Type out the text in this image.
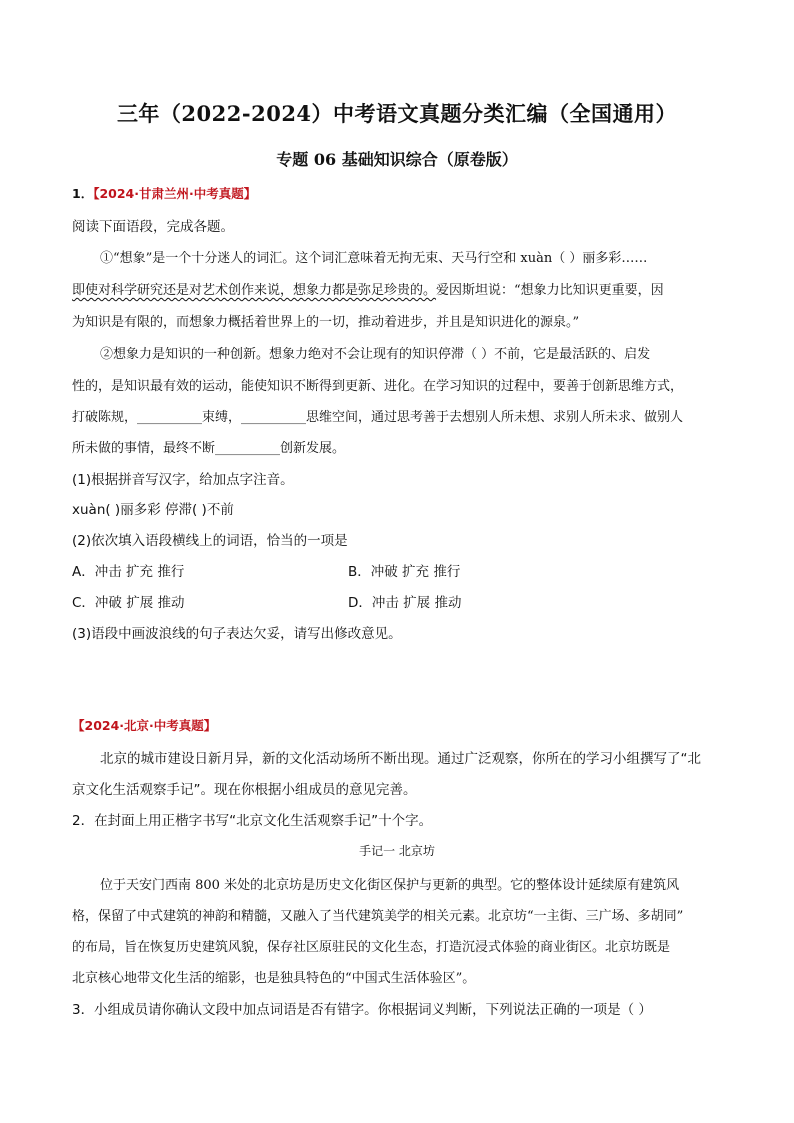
三年（2022-2024）中考语文真题分类汇编（全国通用）
专题 06 基础知识综合（原卷版）
1．【2024·甘肃兰州·中考真题】
阅读下面语段，完成各题。
①“想象”是一个十分迷人的词汇。这个词汇意味着无拘无束、天马行空和 xuàn（ ）丽多彩……
即使对科学研究还是对艺术创作来说，想象力都是弥足珍贵的。爱因斯坦说：“想象力比知识更重要，因
为知识是有限的，而想象力概括着世界上的一切，推动着进步，并且是知识进化的源泉。”
②想象力是知识的一种创新。想象力绝对不会让现有的知识停滞（ ）不前，它是最活跃的、启发
性的，是知识最有效的运动，能使知识不断得到更新、进化。在学习知识的过程中，要善于创新思维方式，
打破陈规，__________束缚，__________思维空间，通过思考善于去想别人所未想、求别人所未求、做别人
所未做的事情，最终不断__________创新发展。
(1)根据拼音写汉字，给加点字注音。
xuàn( )丽多彩 停滞( )不前
(2)依次填入语段横线上的词语，恰当的一项是
A．冲击 扩充 推行	B．冲破 扩充 推行
C．冲破 扩展 推动	D．冲击 扩展 推动
(3)语段中画波浪线的句子表达欠妥，请写出修改意见。
【2024·北京·中考真题】
北京的城市建设日新月异，新的文化活动场所不断出现。通过广泛观察，你所在的学习小组撰写了“北
京文化生活观察手记”。现在你根据小组成员的意见完善。
2．在封面上用正楷字书写“北京文化生活观察手记”十个字。
手记一 北京坊
位于天安门西南 800 米处的北京坊是历史文化街区保护与更新的典型。它的整体设计延续原有建筑风
格，保留了中式建筑的神韵和精髓，又融入了当代建筑美学的相关元素。北京坊“一主街、三广场、多胡同”
的布局，旨在恢复历史建筑风貌，保存社区原驻民的文化生态，打造沉浸式体验的商业街区。北京坊既是
北京核心地带文化生活的缩影，也是独具特色的“中国式生活体验区”。
3．小组成员请你确认文段中加点词语是否有错字。你根据词义判断，下列说法正确的一项是（ ）
